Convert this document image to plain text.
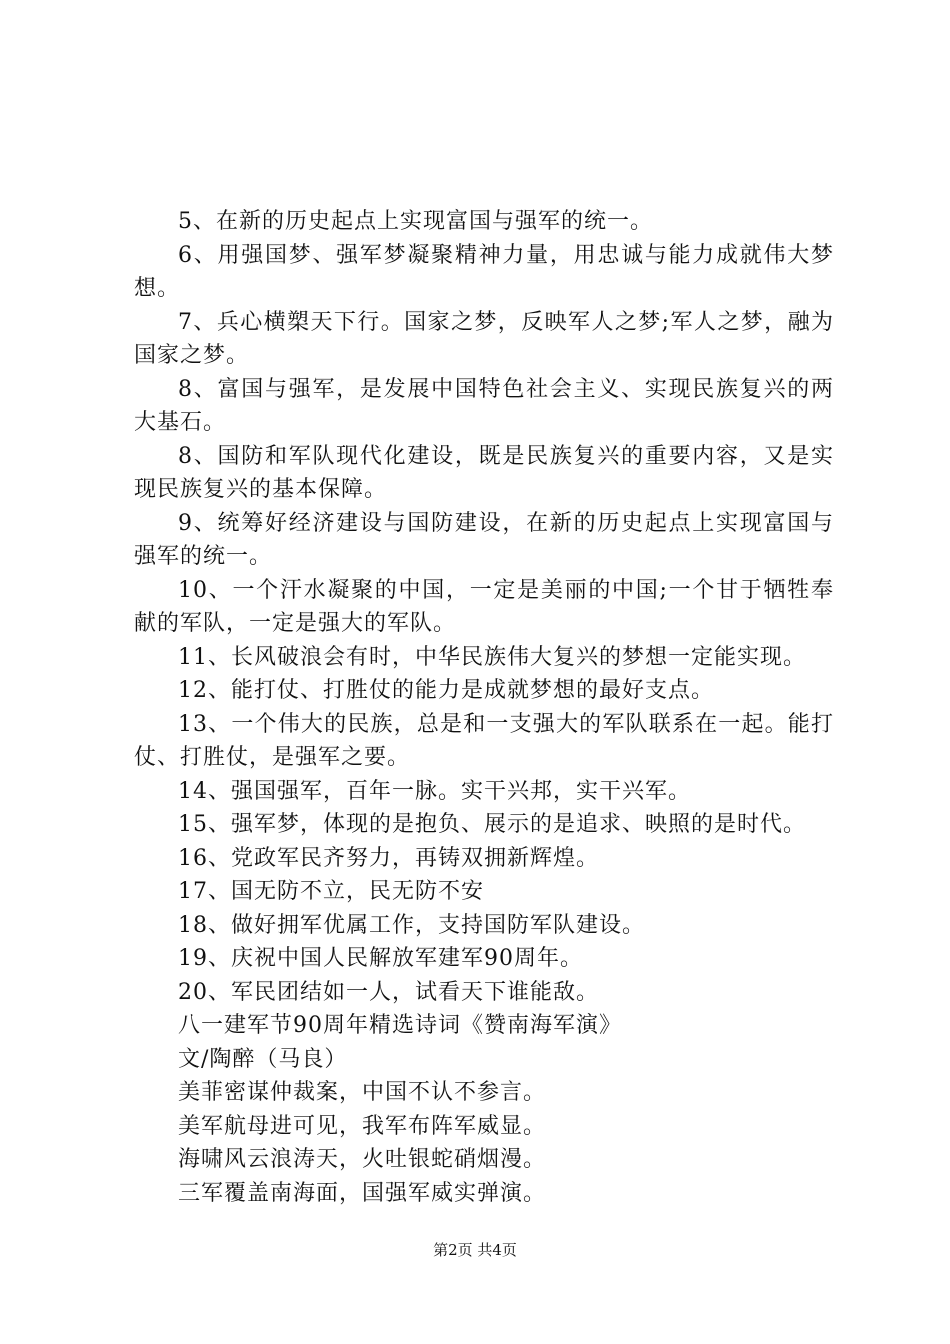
5、在新的历史起点上实现富国与强军的统一。

6、用强国梦、强军梦凝聚精神力量，用忠诚与能力成就伟大梦想。

7、兵心横槊天下行。国家之梦，反映军人之梦;军人之梦，融为国家之梦。

8、富国与强军，是发展中国特色社会主义、实现民族复兴的两大基石。

8、国防和军队现代化建设，既是民族复兴的重要内容，又是实现民族复兴的基本保障。

9、统筹好经济建设与国防建设，在新的历史起点上实现富国与强军的统一。

10、一个汗水凝聚的中国，一定是美丽的中国;一个甘于牺牲奉献的军队，一定是强大的军队。

11、长风破浪会有时，中华民族伟大复兴的梦想一定能实现。

12、能打仗、打胜仗的能力是成就梦想的最好支点。

13、一个伟大的民族，总是和一支强大的军队联系在一起。能打仗、打胜仗，是强军之要。

14、强国强军，百年一脉。实干兴邦，实干兴军。

15、强军梦，体现的是抱负、展示的是追求、映照的是时代。

16、党政军民齐努力，再铸双拥新辉煌。

17、国无防不立，民无防不安

18、做好拥军优属工作，支持国防军队建设。

19、庆祝中国人民解放军建军90周年。

20、军民团结如一人，试看天下谁能敌。

八一建军节90周年精选诗词《赞南海军演》

文/陶醉（马良）

美菲密谋仲裁案，中国不认不参言。

美军航母进可见，我军布阵军威显。

海啸风云浪涛天，火吐银蛇硝烟漫。

三军覆盖南海面，国强军威实弹演。

第2页 共4页
